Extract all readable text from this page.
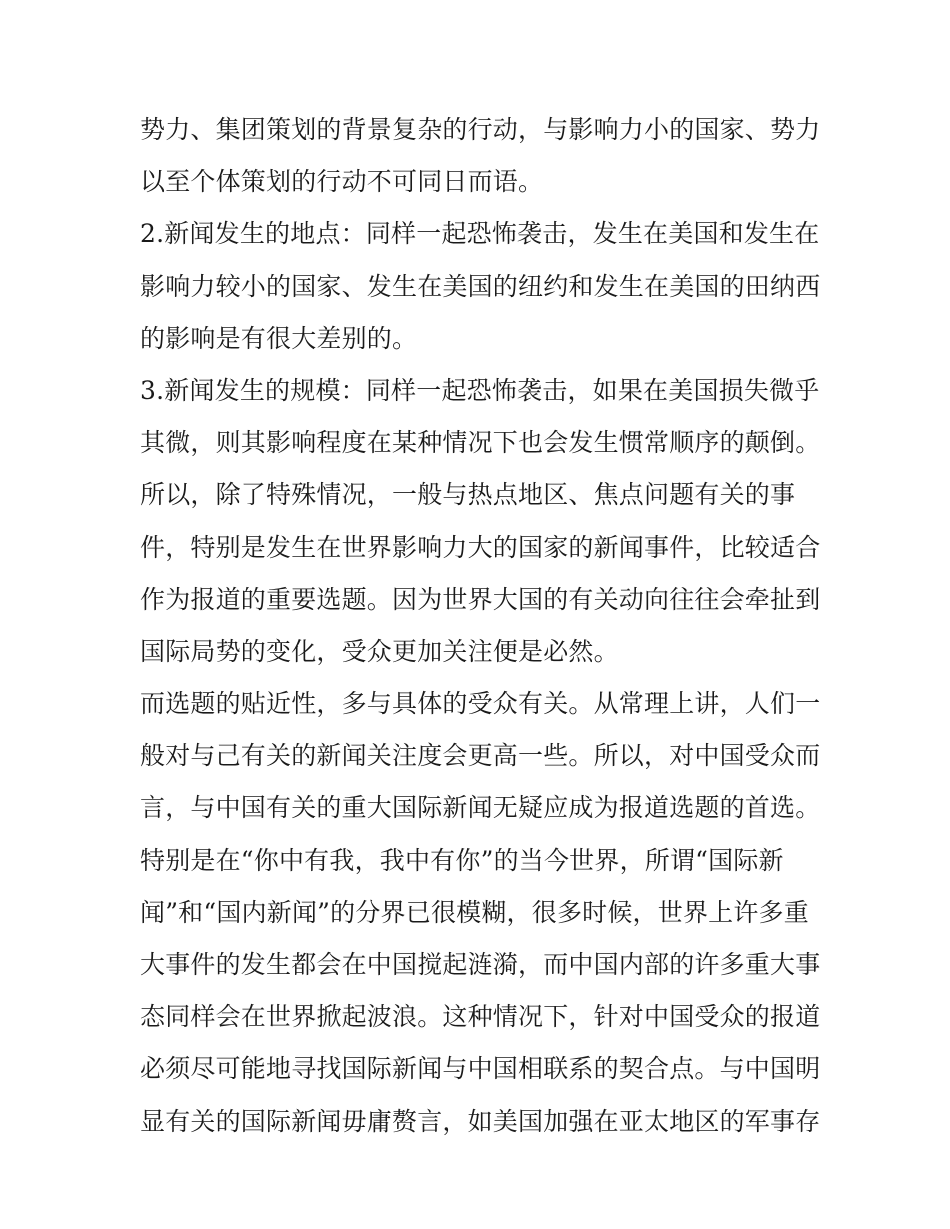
势力、集团策划的背景复杂的行动，与影响力小的国家、势力
以至个体策划的行动不可同日而语。
2.新闻发生的地点：同样一起恐怖袭击，发生在美国和发生在
影响力较小的国家、发生在美国的纽约和发生在美国的田纳西
的影响是有很大差别的。
3.新闻发生的规模：同样一起恐怖袭击，如果在美国损失微乎
其微，则其影响程度在某种情况下也会发生惯常顺序的颠倒。
所以，除了特殊情况，一般与热点地区、焦点问题有关的事
件，特别是发生在世界影响力大的国家的新闻事件，比较适合
作为报道的重要选题。因为世界大国的有关动向往往会牵扯到
国际局势的变化，受众更加关注便是必然。
而选题的贴近性，多与具体的受众有关。从常理上讲，人们一
般对与己有关的新闻关注度会更高一些。所以，对中国受众而
言，与中国有关的重大国际新闻无疑应成为报道选题的首选。
特别是在“你中有我，我中有你”的当今世界，所谓“国际新
闻”和“国内新闻”的分界已很模糊，很多时候，世界上许多重
大事件的发生都会在中国搅起涟漪，而中国内部的许多重大事
态同样会在世界掀起波浪。这种情况下，针对中国受众的报道
必须尽可能地寻找国际新闻与中国相联系的契合点。与中国明
显有关的国际新闻毋庸赘言，如美国加强在亚太地区的军事存
